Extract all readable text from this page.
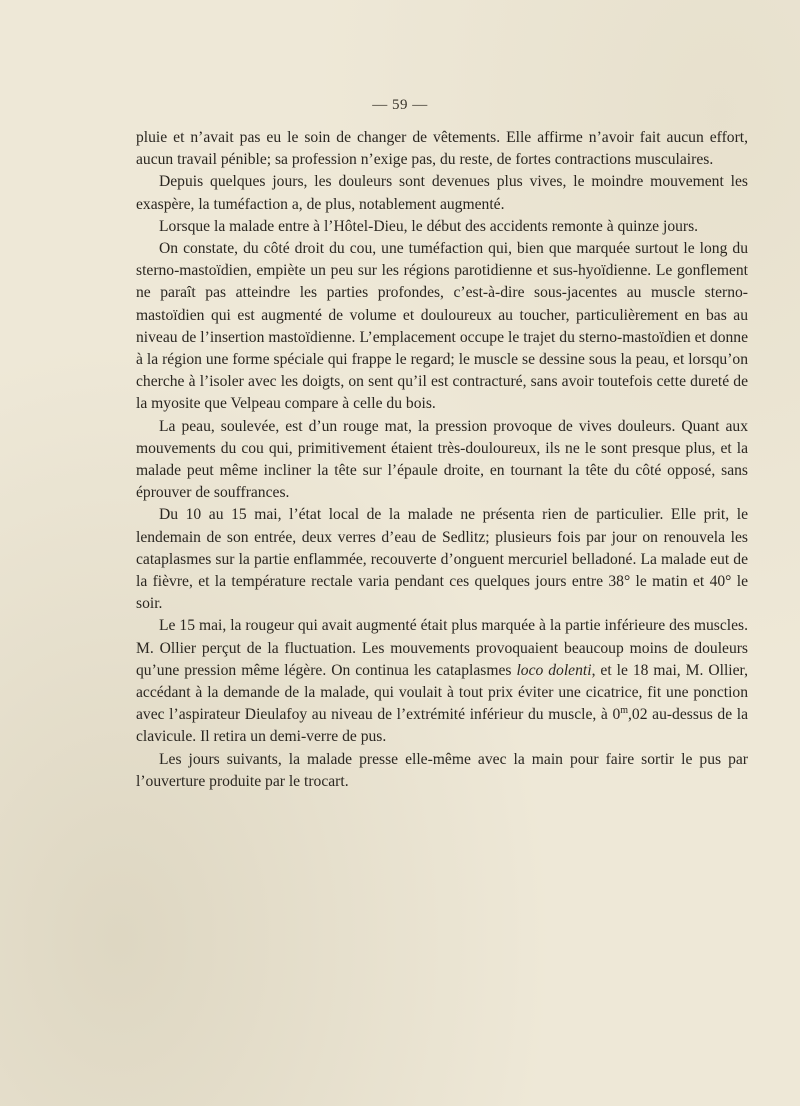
— 59 —

pluie et n’avait pas eu le soin de changer de vêtements. Elle affirme n’avoir fait aucun effort, aucun travail pénible; sa profession n’exige pas, du reste, de fortes contractions musculaires.

Depuis quelques jours, les douleurs sont devenues plus vives, le moindre mouvement les exaspère, la tuméfaction a, de plus, notablement augmenté.

Lorsque la malade entre à l’Hôtel-Dieu, le début des accidents remonte à quinze jours.

On constate, du côté droit du cou, une tuméfaction qui, bien que marquée surtout le long du sterno-mastoïdien, empiète un peu sur les régions parotidienne et sus-hyoïdienne. Le gonflement ne paraît pas atteindre les parties profondes, c’est-à-dire sous-jacentes au muscle sterno-mastoïdien qui est augmenté de volume et douloureux au toucher, particulièrement en bas au niveau de l’insertion mastoïdienne. L’emplacement occupe le trajet du sterno-mastoïdien et donne à la région une forme spéciale qui frappe le regard; le muscle se dessine sous la peau, et lorsqu’on cherche à l’isoler avec les doigts, on sent qu’il est contracturé, sans avoir toutefois cette dureté de la myosite que Velpeau compare à celle du bois.

La peau, soulevée, est d’un rouge mat, la pression provoque de vives douleurs. Quant aux mouvements du cou qui, primitivement étaient très-douloureux, ils ne le sont presque plus, et la malade peut même incliner la tête sur l’épaule droite, en tournant la tête du côté opposé, sans éprouver de souffrances.

Du 10 au 15 mai, l’état local de la malade ne présenta rien de particulier. Elle prit, le lendemain de son entrée, deux verres d’eau de Sedlitz; plusieurs fois par jour on renouvela les cataplasmes sur la partie enflammée, recouverte d’onguent mercuriel belladoné. La malade eut de la fièvre, et la température rectale varia pendant ces quelques jours entre 38° le matin et 40° le soir.

Le 15 mai, la rougeur qui avait augmenté était plus marquée à la partie inférieure des muscles. M. Ollier perçut de la fluctuation. Les mouvements provoquaient beaucoup moins de douleurs qu’une pression même légère. On continua les cataplasmes loco dolenti, et le 18 mai, M. Ollier, accédant à la demande de la malade, qui voulait à tout prix éviter une cicatrice, fit une ponction avec l’aspirateur Dieulafoy au niveau de l’extrémité inférieur du muscle, à 0$^m$,02 au-dessus de la clavicule. Il retira un demi-verre de pus.

Les jours suivants, la malade presse elle-même avec la main pour faire sortir le pus par l’ouverture produite par le trocart.
